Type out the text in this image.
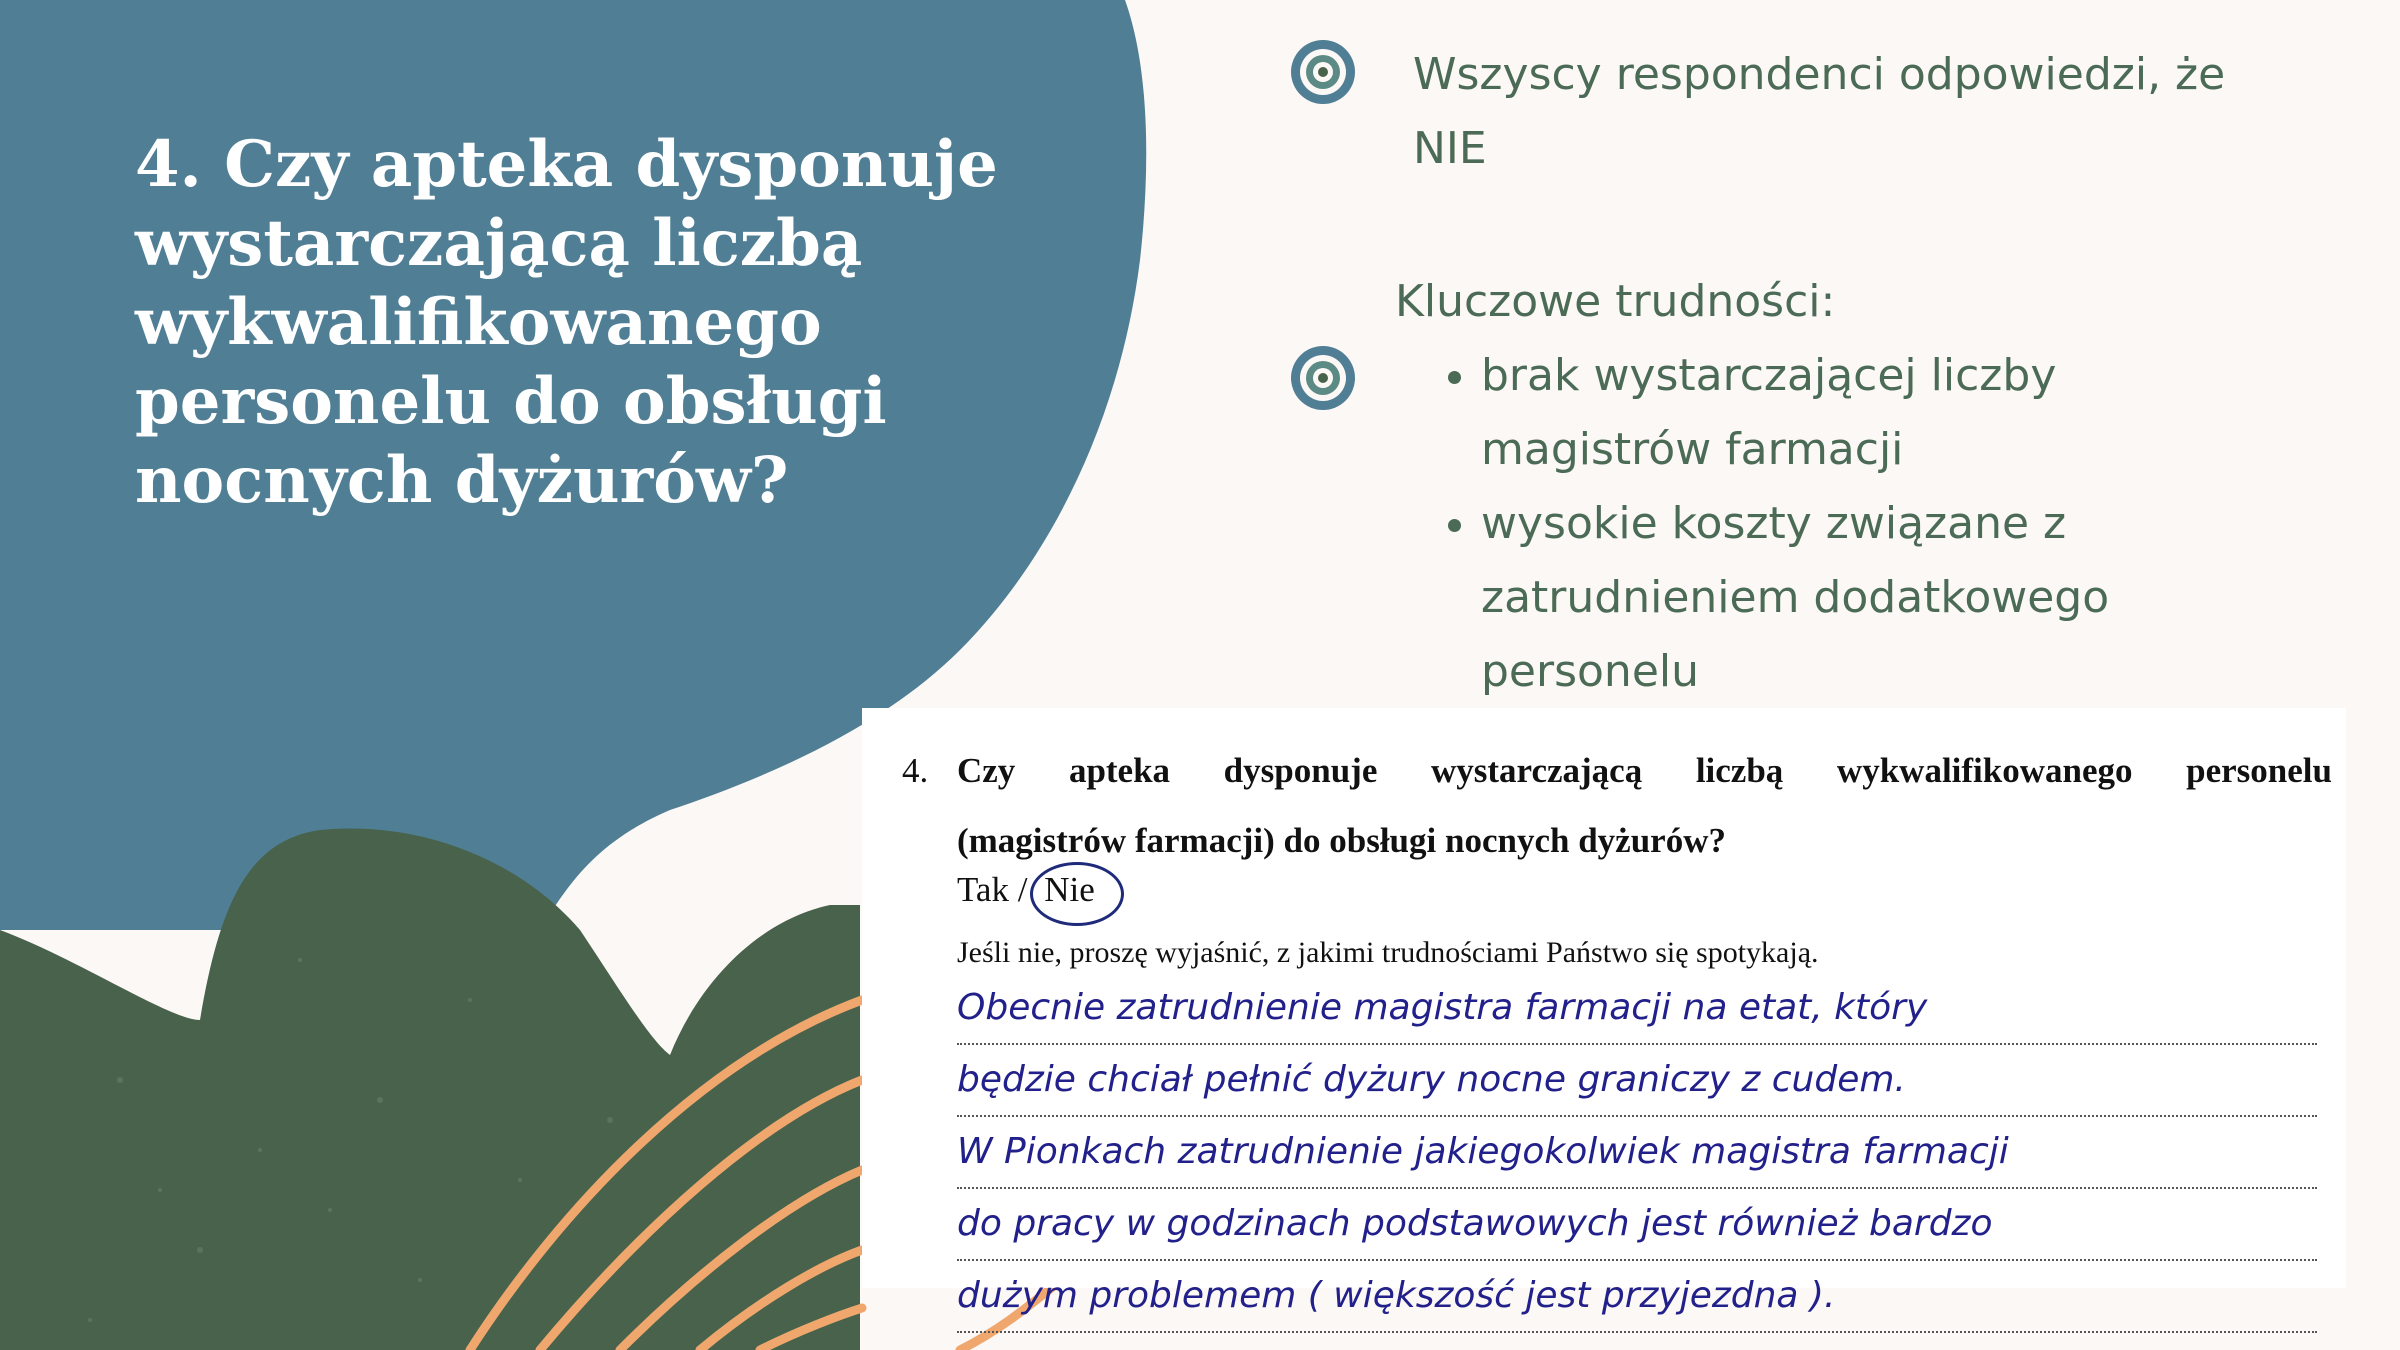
4. Czy apteka dysponuje wystarczającą liczbą wykwalifikowanego personelu do obsługi nocnych dyżurów?
Wszyscy respondenci odpowiedzi, że NIE
Kluczowe trudności:
• brak wystarczającej liczby magistrów farmacji
• wysokie koszty związane z zatrudnieniem dodatkowego personelu
4. Czy apteka dysponuje wystarczającą liczbą wykwalifikowanego personelu
(magistrów farmacji) do obsługi nocnych dyżurów?
Tak / Nie
Jeśli nie, proszę wyjaśnić, z jakimi trudnościami Państwo się spotykają.
Obecnie zatrudnienie magistra farmacji na etat, który
będzie chciał pełnić dyżury nocne graniczy z cudem.
W Pionkach zatrudnienie jakiegokolwiek magistra farmacji
do pracy w godzinach podstawowych jest również bardzo
dużym problemem ( większość jest przyjezdna ).
